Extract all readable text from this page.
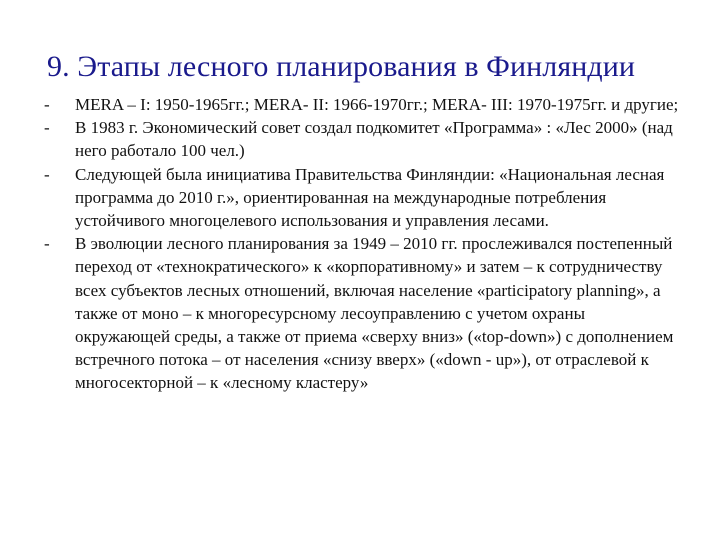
9. Этапы лесного планирования в Финляндии
-	MERA – I: 1950-1965гг.; MERA- II: 1966-1970гг.; MERA- III: 1970-1975гг. и другие;
-	В 1983 г. Экономический совет создал подкомитет «Программа» : «Лес 2000» (над него работало 100 чел.)
-	Следующей была инициатива Правительства Финляндии: «Национальная лесная программа до 2010 г.», ориентированная на международные потребления устойчивого многоцелевого использования и управления лесами.
-	В эволюции лесного планирования за 1949 – 2010 гг. прослеживался постепенный переход от «технократического» к «корпоративному» и затем – к сотрудничеству всех субъектов лесных отношений, включая население «participatory planning», а также от моно – к многоресурсному лесоуправлению с учетом охраны окружающей среды, а также от приема «сверху вниз» («top-down») с дополнением встречного потока – от населения «снизу вверх» («down - up»), от отраслевой к многосекторной – к «лесному кластеру»
